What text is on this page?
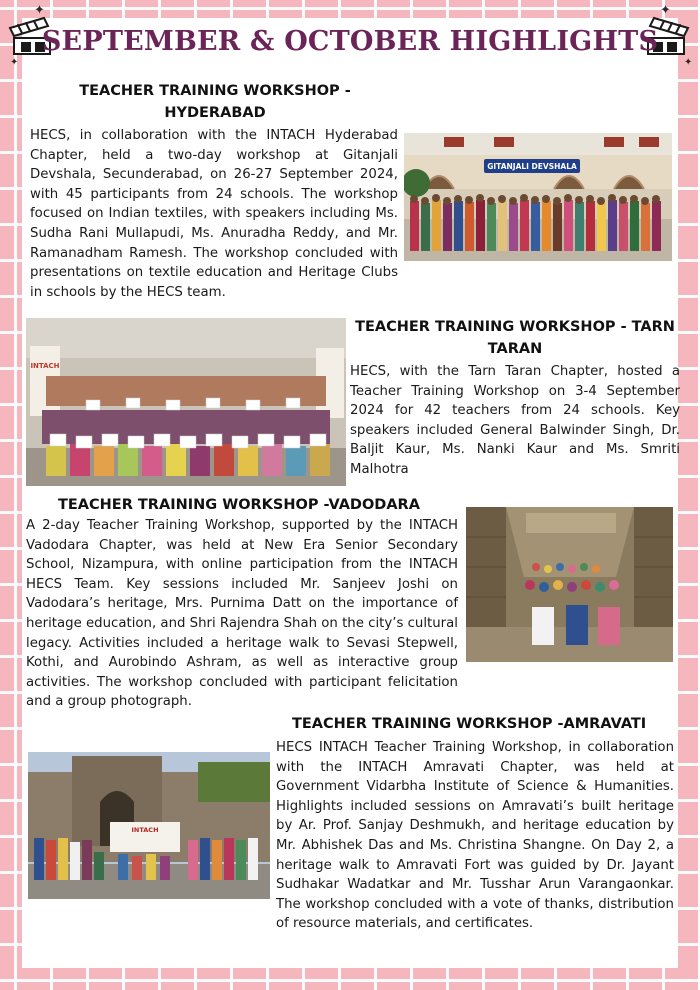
✦
✦
✦
✦
SEPTEMBER & OCTOBER HIGHLIGHTS
TEACHER TRAINING WORKSHOP - HYDERABAD

HECS, in collaboration with the INTACH Hyderabad Chapter, held a two-day workshop at Gitanjali Devshala, Secunderabad, on 26-27 September 2024, with 45 participants from 24 schools. The workshop focused on Indian textiles, with speakers including Ms. Sudha Rani Mullapudi, Ms. Anuradha Reddy, and Mr. Ramanadham Ramesh. The workshop concluded with presentations on textile education and Heritage Clubs in schools by the HECS team.

GITANJALI DEVSHALA
INTACH
TEACHER TRAINING WORKSHOP - TARN TARAN

HECS, with the Tarn Taran Chapter, hosted a Teacher Training Workshop on 3-4 September 2024 for 42 teachers from 24 schools. Key speakers included General Balwinder Singh, Dr. Baljit Kaur, Ms. Nanki Kaur and Ms. Smriti Malhotra

TEACHER TRAINING WORKSHOP -VADODARA

A 2-day Teacher Training Workshop, supported by the INTACH Vadodara Chapter, was held at New Era Senior Secondary School, Nizampura, with online participation from the INTACH HECS Team. Key sessions included Mr. Sanjeev Joshi on Vadodara’s heritage, Mrs. Purnima Datt on the importance of heritage education, and Shri Rajendra Shah on the city’s cultural legacy. Activities included a heritage walk to Sevasi Stepwell, Kothi, and Aurobindo Ashram, as well as interactive group activities. The workshop concluded with participant felicitation and a group photograph.

TEACHER TRAINING WORKSHOP -AMRAVATI
INTACH

HECS INTACH Teacher Training Workshop, in collaboration with the INTACH Amravati Chapter, was held at Government Vidarbha Institute of Science & Humanities. Highlights included sessions on Amravati’s built heritage by Ar. Prof. Sanjay Deshmukh, and heritage education by Mr. Abhishek Das and Ms. Christina Shangne. On Day 2, a heritage walk to Amravati Fort was guided by Dr. Jayant Sudhakar Wadatkar and Mr. Tusshar Arun Varangaonkar. The workshop concluded with a vote of thanks, distribution of resource materials, and certificates.
